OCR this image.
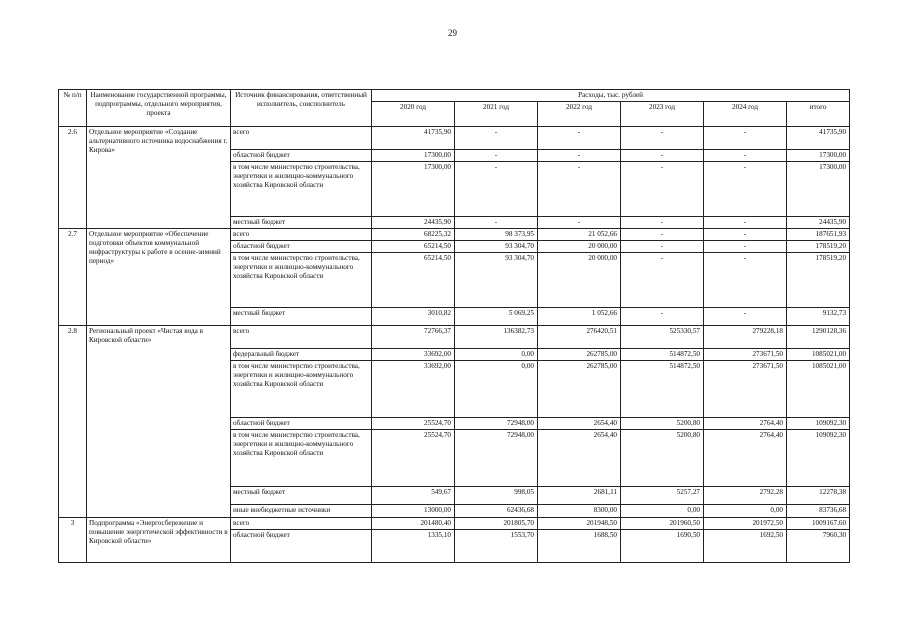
29
№ п/п	Наименование государственной программы, подпрограммы, отдельного мероприятия, проекта	Источник финансирования, ответственный исполнитель, соисполнитель	Расходы, тыс. рублей					
			2020 год	2021 год	2022 год	2023 год	2024 год	итого
2.6	Отдельное мероприятие «Создание альтернативного источника водоснабжения г. Кирова»	всего	41735,90	-	-	-	-	41735,90
		областной бюджет	17300,00	-	-	-	-	17300,00
		в том числе министерство строительства, энергетики и жилищно-коммунального хозяйства Кировской области	17300,00	-	-	-	-	17300,00
		местный бюджет	24435,90	-	-	-	-	24435,90
2.7	Отдельное мероприятие «Обеспечение подготовки объектов коммунальной инфраструктуры к работе в осенне-зимний период»	всего	68225,32	98 373,95	21 052,66	-	-	187651,93
		областной бюджет	65214,50	93 304,70	20 000,00	-	-	178519,20
		в том числе министерство строительства, энергетики и жилищно-коммунального хозяйства Кировской области	65214,50	93 304,70	20 000,00	-	-	178519,20
		местный бюджет	3010,82	5 069,25	1 052,66	-	-	9132,73
2.8	Региональный проект «Чистая вода в Кировской области»	всего	72766,37	136382,73	276420,51	525330,57	279228,18	1290128,36
		федеральный бюджет	33692,00	0,00	262785,00	514872,50	273671,50	1085021,00
		в том числе министерство строительства, энергетики и жилищно-коммунального хозяйства Кировской области	33692,00	0,00	262785,00	514872,50	273671,50	1085021,00
		областной бюджет	25524,70	72948,00	2654,40	5200,80	2764,40	109092,30
		в том числе министерство строительства, энергетики и жилищно-коммунального хозяйства Кировской области	25524,70	72948,00	2654,40	5200,80	2764,40	109092,30
		местный бюджет	549,67	998,05	2681,11	5257,27	2792,28	12278,38
		иные внебюджетные источники	13000,00	62436,68	8300,00	0,00	0,00	83736,68
3	Подпрограмма «Энергосбережение и повышение энергетической эффективности в Кировской области»	всего	201480,40	201805,70	201948,50	201960,50	201972,50	1009167,60
		областной бюджет	1335,10	1553,70	1688,50	1690,50	1692,50	7960,30
